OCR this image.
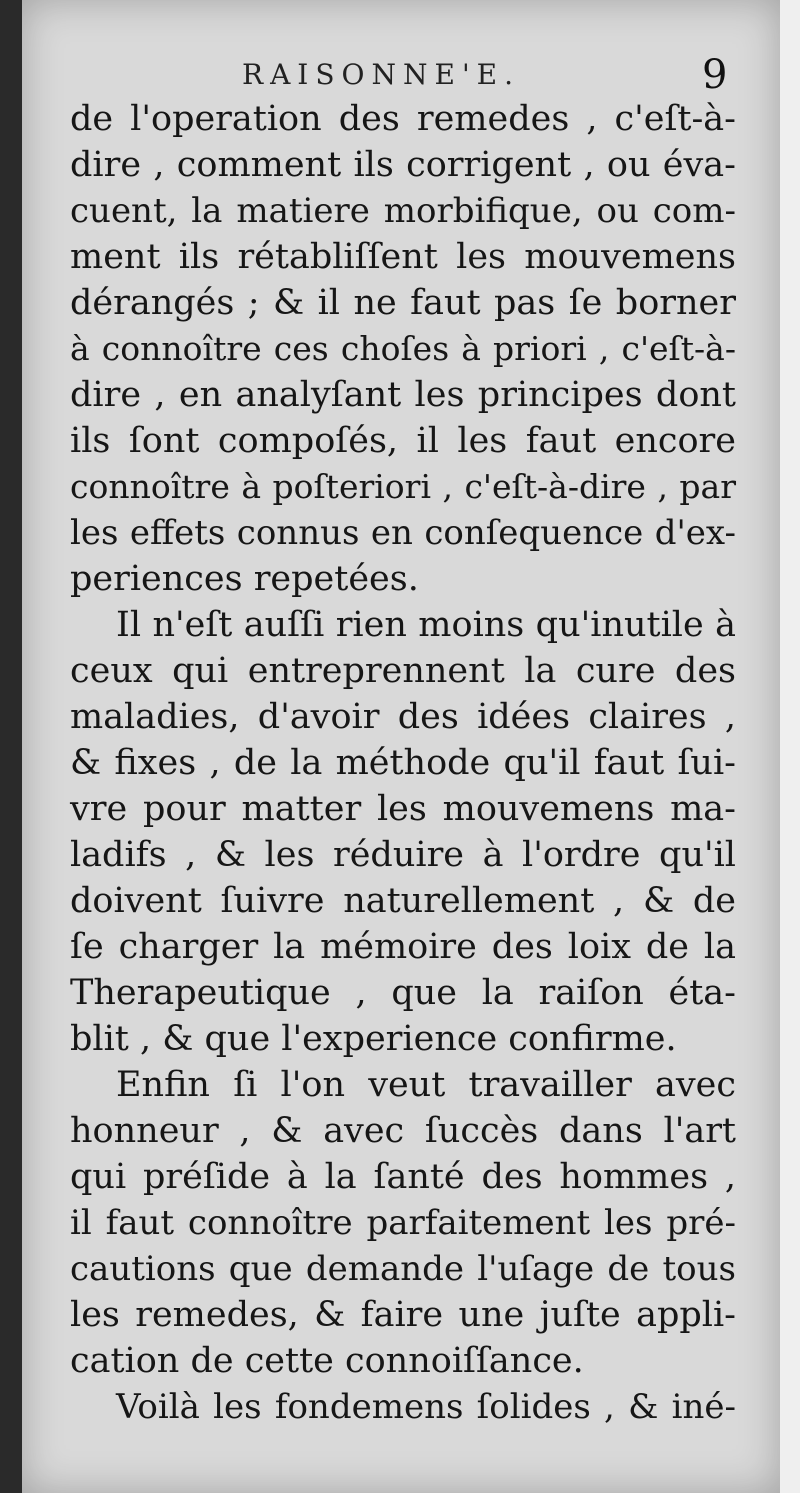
RAISONNE'E.	9
de l'operation des remedes , c'eſt-à-
dire , comment ils corrigent , ou éva-
cuent, la matiere morbifique, ou com-
ment ils rétabliſſent les mouvemens
dérangés ; & il ne faut pas ſe borner
à connoître ces choſes à priori , c'eſt-à-
dire , en analyſant les principes dont
ils ſont compoſés, il les faut encore
connoître à poſteriori , c'eſt-à-dire , par
les effets connus en conſequence d'ex-
periences repetées.
Il n'eſt auſſi rien moins qu'inutile à
ceux qui entreprennent la cure des
maladies, d'avoir des idées claires ,
& fixes , de la méthode qu'il faut ſui-
vre pour matter les mouvemens ma-
ladifs , & les réduire à l'ordre qu'il
doivent ſuivre naturellement , & de
ſe charger la mémoire des loix de la
Therapeutique , que la raiſon éta-
blit , & que l'experience confirme.
Enfin ſi l'on veut travailler avec
honneur , & avec ſuccès dans l'art
qui préſide à la ſanté des hommes ,
il faut connoître parfaitement les pré-
cautions que demande l'uſage de tous
les remedes, & faire une juſte appli-
cation de cette connoiſſance.
Voilà les fondemens ſolides , & iné-
